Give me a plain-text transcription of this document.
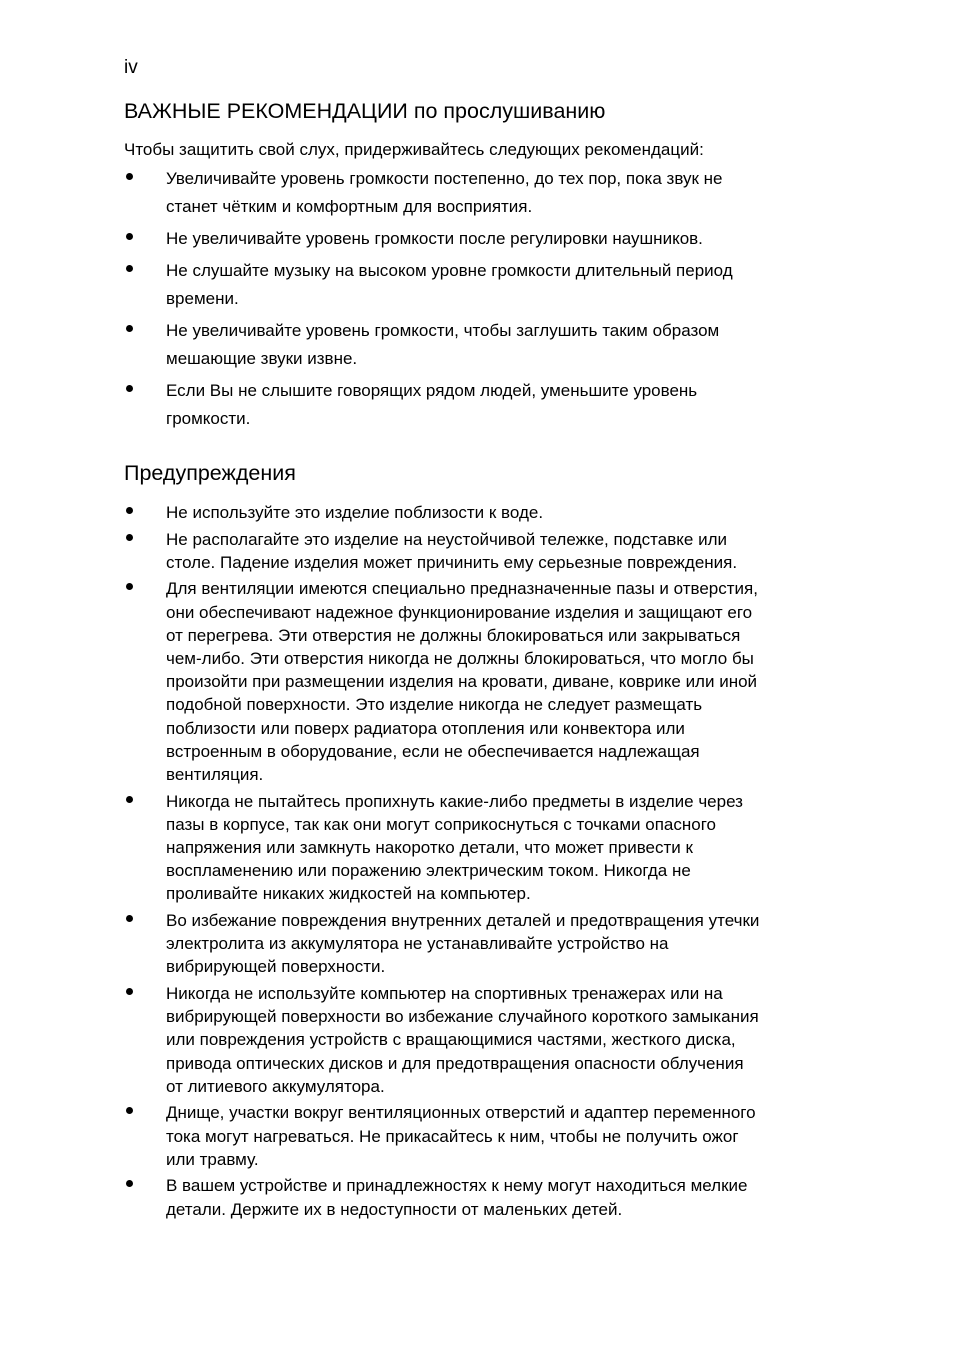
iv
ВАЖНЫЕ РЕКОМЕНДАЦИИ по прослушиванию
Чтобы защитить свой слух, придерживайтесь следующих рекомендаций:
Увеличивайте уровень громкости постепенно, до тех пор, пока звук не
станет чётким и комфортным для восприятия.
Не увеличивайте уровень громкости после регулировки наушников.
Не слушайте музыку на высоком уровне громкости длительный период
времени.
Не увеличивайте уровень громкости, чтобы заглушить таким образом
мешающие звуки извне.
Если Вы не слышите говорящих рядом людей, уменьшите уровень
громкости.
Предупреждения
Не используйте это изделие поблизости к воде.
Не располагайте это изделие на неустойчивой тележке, подставке или
столе. Падение изделия может причинить ему серьезные повреждения.
Для вентиляции имеются специально предназначенные пазы и отверстия,
они обеспечивают надежное функционирование изделия и защищают его
от перегрева. Эти отверстия не должны блокироваться или закрываться
чем-либо. Эти отверстия никогда не должны блокироваться, что могло бы
произойти при размещении изделия на кровати, диване, коврике или иной
подобной поверхности. Это изделие никогда не следует размещать
поблизости или поверх радиатора отопления или конвектора или
встроенным в оборудование, если не обеспечивается надлежащая
вентиляция.
Никогда не пытайтесь пропихнуть какие-либо предметы в изделие через
пазы в корпусе, так как они могут соприкоснуться с точками опасного
напряжения или замкнуть накоротко детали, что может привести к
воспламенению или поражению электрическим током. Никогда не
проливайте никаких жидкостей на компьютер.
Во избежание повреждения внутренних деталей и предотвращения утечки
электролита из аккумулятора не устанавливайте устройство на
вибрирующей поверхности.
Никогда не используйте компьютер на спортивных тренажерах или на
вибрирующей поверхности во избежание случайного короткого замыкания
или повреждения устройств с вращающимися частями, жесткого диска,
привода оптических дисков и для предотвращения опасности облучения
от литиевого аккумулятора.
Днище, участки вокруг вентиляционных отверстий и адаптер переменного
тока могут нагреваться. Не прикасайтесь к ним, чтобы не получить ожог
или травму.
В вашем устройстве и принадлежностях к нему могут находиться мелкие
детали. Держите их в недоступности от маленьких детей.
